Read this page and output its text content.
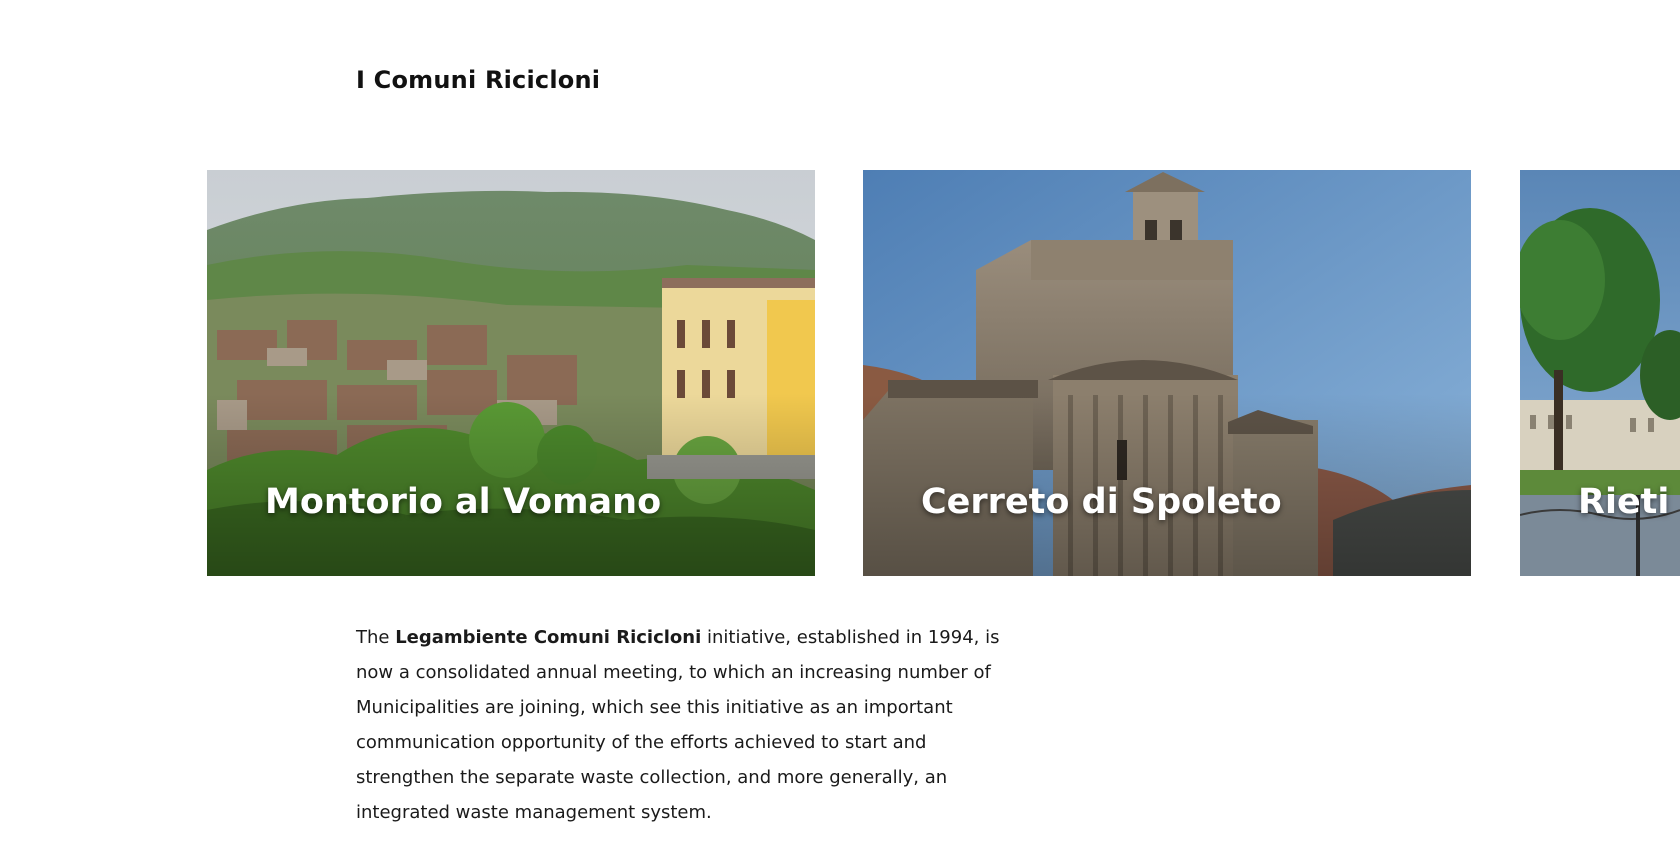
I Comuni Ricicloni
Montorio al Vomano	Cerreto di Spoleto	Rieti

The Legambiente Comuni Ricicloni initiative, established in 1994, is now a consolidated annual meeting, to which an increasing number of Municipalities are joining, which see this initiative as an important communication opportunity of the efforts achieved to start and strengthen the separate waste collection, and more generally, an integrated waste management system.
